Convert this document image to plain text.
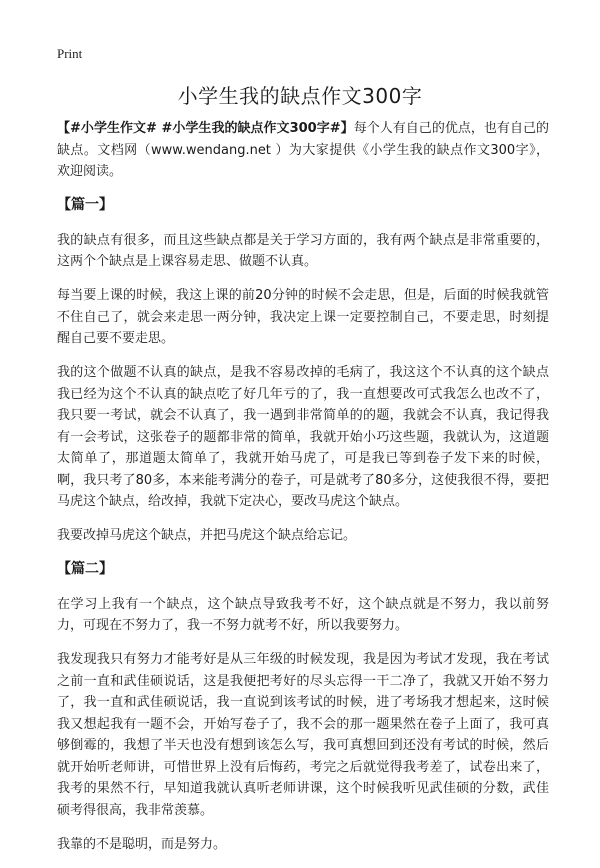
Print
小学生我的缺点作文300字

【#小学生作文# #小学生我的缺点作文300字#】每个人有自己的优点，也有自己的缺点。文档网（www.wendang.net ）为大家提供《小学生我的缺点作文300字》，欢迎阅读。

【篇一】

我的缺点有很多，而且这些缺点都是关于学习方面的，我有两个缺点是非常重要的，这两个个缺点是上课容易走思、做题不认真。

每当要上课的时候，我这上课的前20分钟的时候不会走思，但是，后面的时候我就管不住自己了，就会来走思一两分钟，我决定上课一定要控制自己，不要走思，时刻提醒自己要不要走思。

我的这个做题不认真的缺点，是我不容易改掉的毛病了，我这这个不认真的这个缺点我已经为这个不认真的缺点吃了好几年亏的了，我一直想要改可式我怎么也改不了，我只要一考试，就会不认真了，我一遇到非常简单的的题，我就会不认真，我记得我有一会考试，这张卷子的题都非常的简单，我就开始小巧这些题，我就认为，这道题太简单了，那道题太简单了，我就开始马虎了，可是我已等到卷子发下来的时候，啊，我只考了80多，本来能考满分的卷子，可是就考了80多分，这使我很不得，要把马虎这个缺点，给改掉，我就下定决心，要改马虎这个缺点。

我要改掉马虎这个缺点，并把马虎这个缺点给忘记。

【篇二】

在学习上我有一个缺点，这个缺点导致我考不好，这个缺点就是不努力，我以前努力，可现在不努力了，我一不努力就考不好，所以我要努力。

我发现我只有努力才能考好是从三年级的时候发现，我是因为考试才发现，我在考试之前一直和武佳硕说话，这是我便把考好的尽头忘得一干二净了，我就又开始不努力了，我一直和武佳硕说话，我一直说到该考试的时候，进了考场我才想起来，这时候我又想起我有一题不会，开始写卷子了，我不会的那一题果然在卷子上面了，我可真够倒霉的，我想了半天也没有想到该怎么写，我可真想回到还没有考试的时候，然后就开始听老师讲，可惜世界上没有后悔药，考完之后就觉得我考差了，试卷出来了，我考的果然不行，早知道我就认真听老师讲课，这个时候我听见武佳硕的分数，武佳硕考得很高，我非常羡慕。

我靠的不是聪明，而是努力。
